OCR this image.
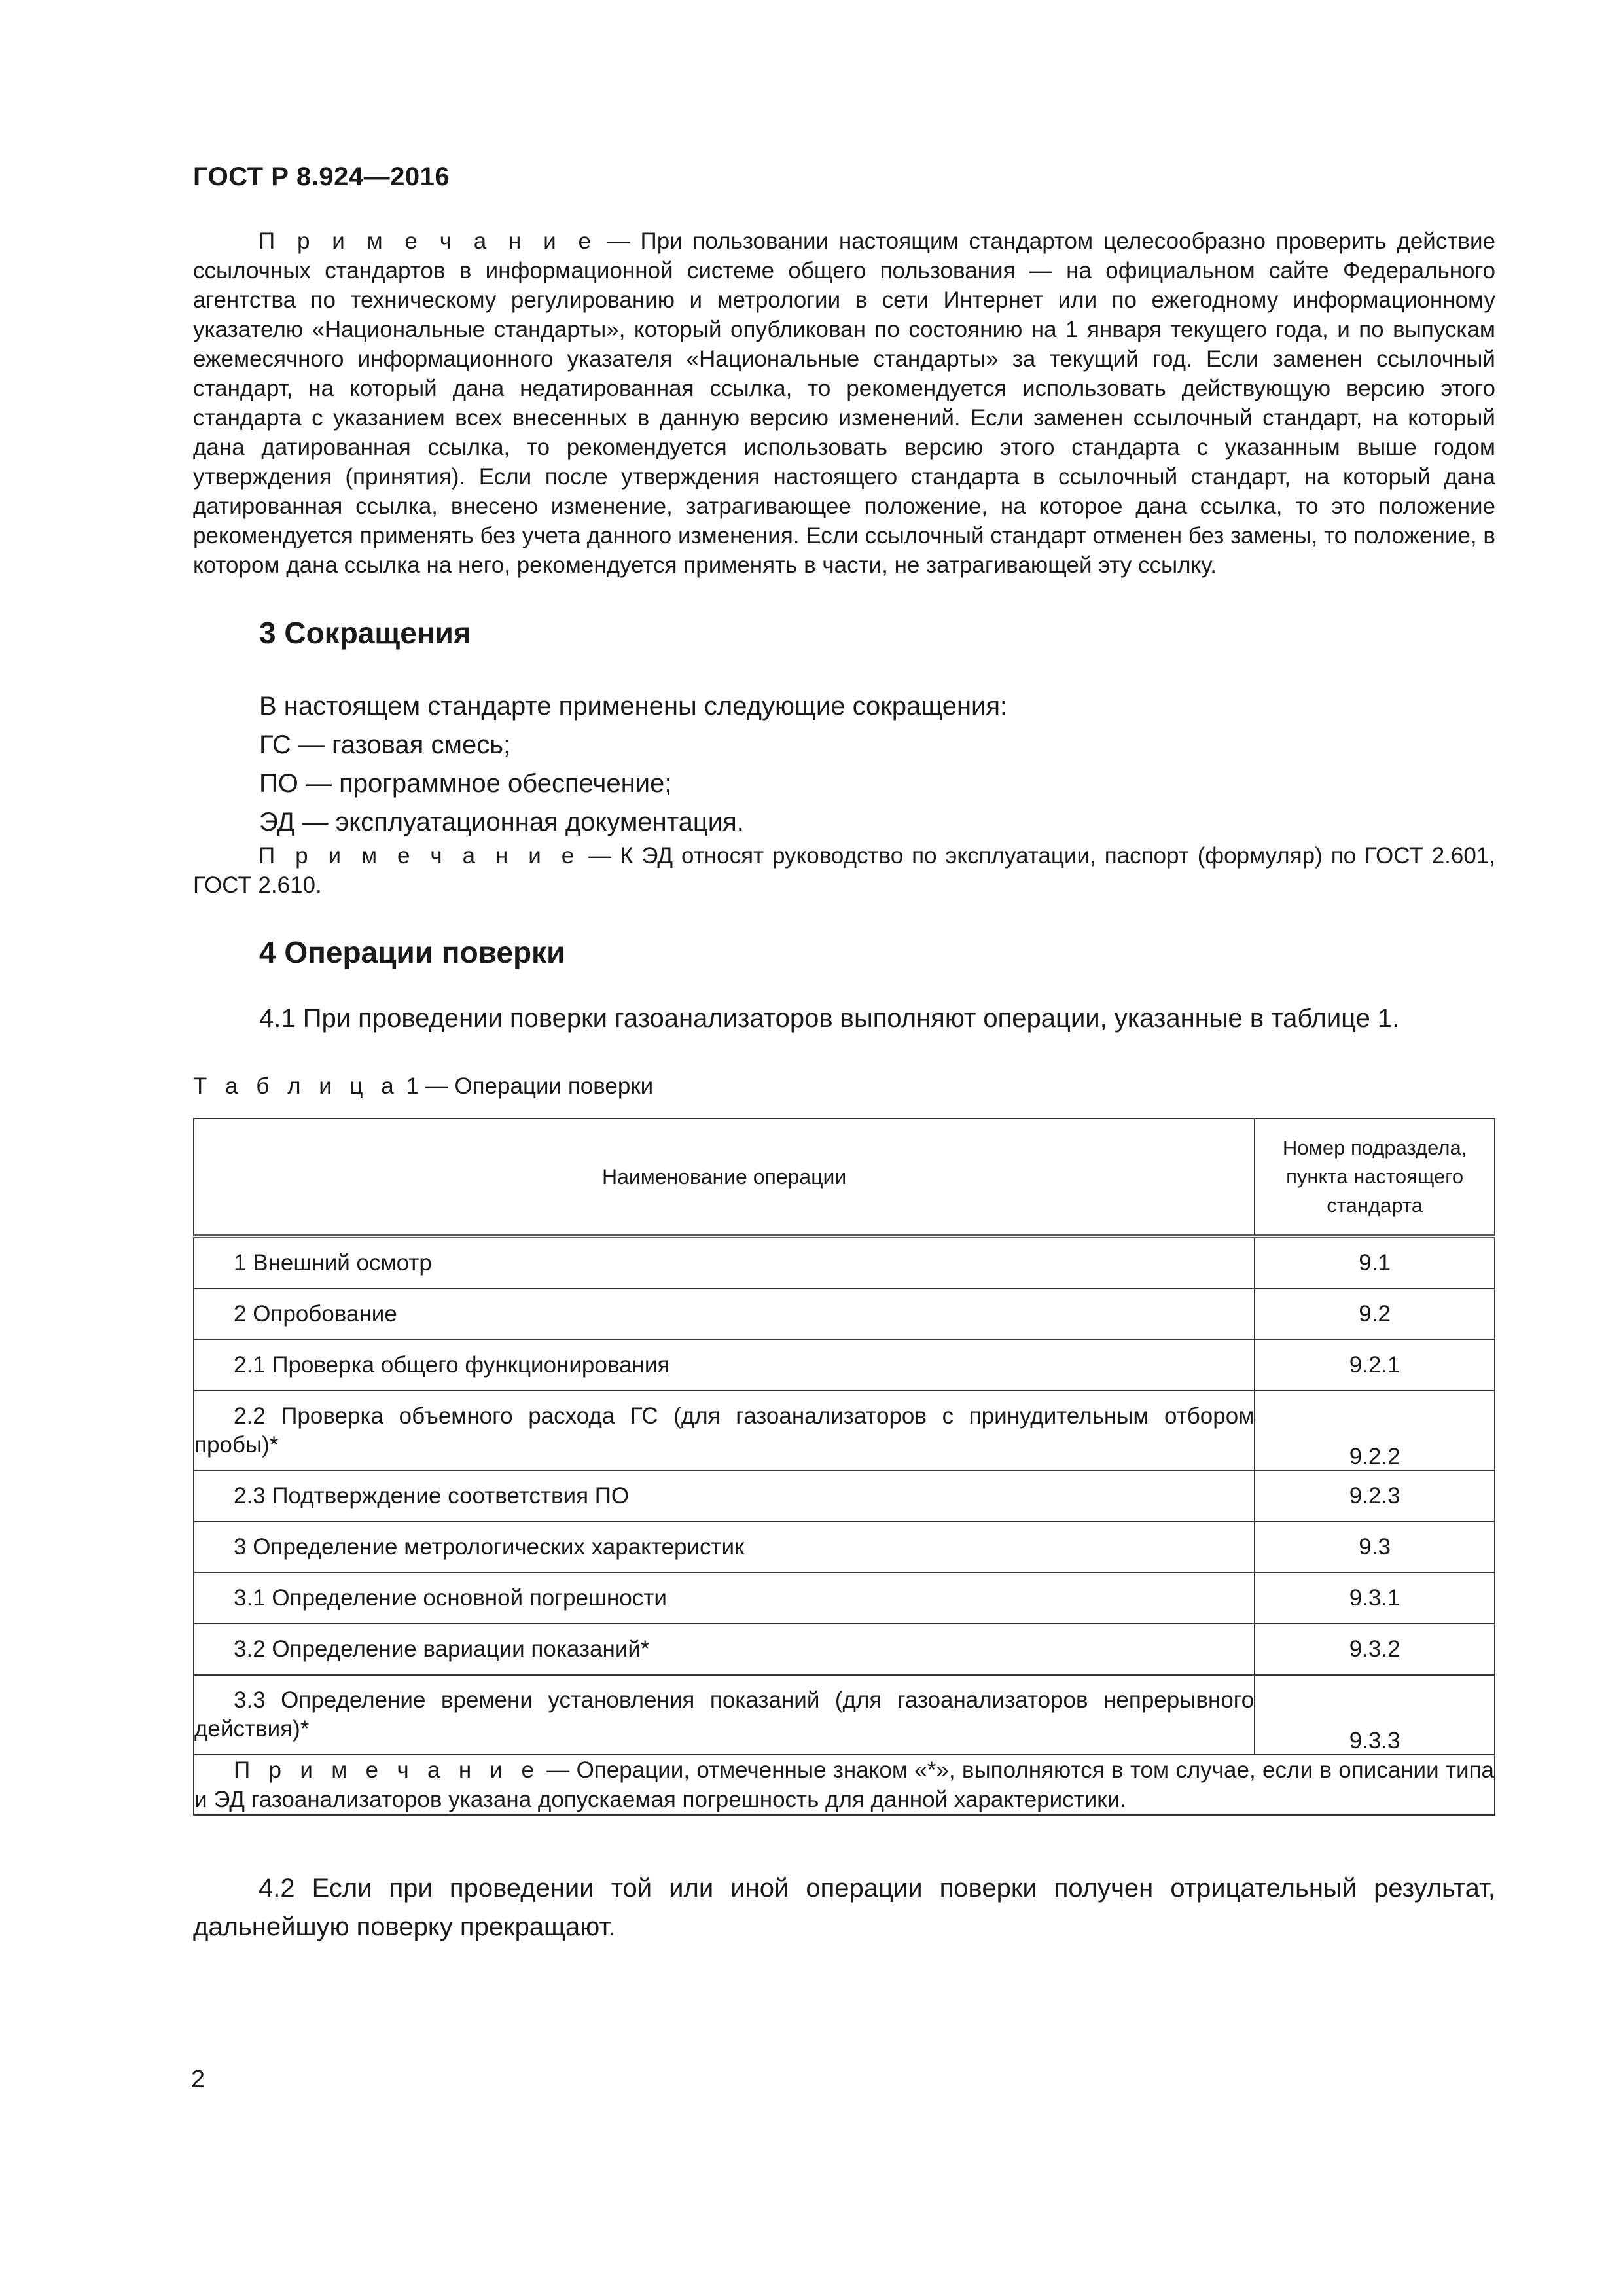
ГОСТ Р 8.924—2016

П р и м е ч а н и е — При пользовании настоящим стандартом целесообразно проверить действие ссылочных стандартов в информационной системе общего пользования — на официальном сайте Федерального агентства по техническому регулированию и метрологии в сети Интернет или по ежегодному информационному указателю «Национальные стандарты», который опубликован по состоянию на 1 января текущего года, и по выпускам ежемесячного информационного указателя «Национальные стандарты» за текущий год. Если заменен ссылочный стандарт, на который дана недатированная ссылка, то рекомендуется использовать действующую версию этого стандарта с указанием всех внесенных в данную версию изменений. Если заменен ссылочный стандарт, на который дана датированная ссылка, то рекомендуется использовать версию этого стандарта с указанным выше годом утверждения (принятия). Если после утверждения настоящего стандарта в ссылочный стандарт, на который дана датированная ссылка, внесено изменение, затрагивающее положение, на которое дана ссылка, то это положение рекомендуется применять без учета данного изменения. Если ссылочный стандарт отменен без замены, то положение, в котором дана ссылка на него, рекомендуется применять в части, не затрагивающей эту ссылку.

3 Сокращения
В настоящем стандарте применены следующие сокращения:
ГС — газовая смесь;
ПО — программное обеспечение;
ЭД — эксплуатационная документация.

П р и м е ч а н и е — К ЭД относят руководство по эксплуатации, паспорт (формуляр) по ГОСТ 2.601, ГОСТ 2.610.

4 Операции поверки
4.1 При проведении поверки газоанализаторов выполняют операции, указанные в таблице 1.
Т а б л и ц а 1 — Операции поверки
Наименование операции	Номер подраздела, пункта настоящего стандарта

1 Внешний осмотр	9.1

2 Опробование	9.2

2.1 Проверка общего функционирования	9.2.1

2.2 Проверка объемного расхода ГС (для газоанализаторов с принудительным отбором пробы)*	9.2.2

2.3 Подтверждение соответствия ПО	9.2.3

3 Определение метрологических характеристик	9.3

3.1 Определение основной погрешности	9.3.1

3.2 Определение вариации показаний*	9.3.2

3.3 Определение времени установления показаний (для газоанализаторов непрерывного действия)*	9.3.3

П р и м е ч а н и е — Операции, отмеченные знаком «*», выполняются в том случае, если в описании типа и ЭД газоанализаторов указана допускаемая погрешность для данной характеристики.	

4.2 Если при проведении той или иной операции поверки получен отрицательный результат, дальнейшую поверку прекращают.

2
